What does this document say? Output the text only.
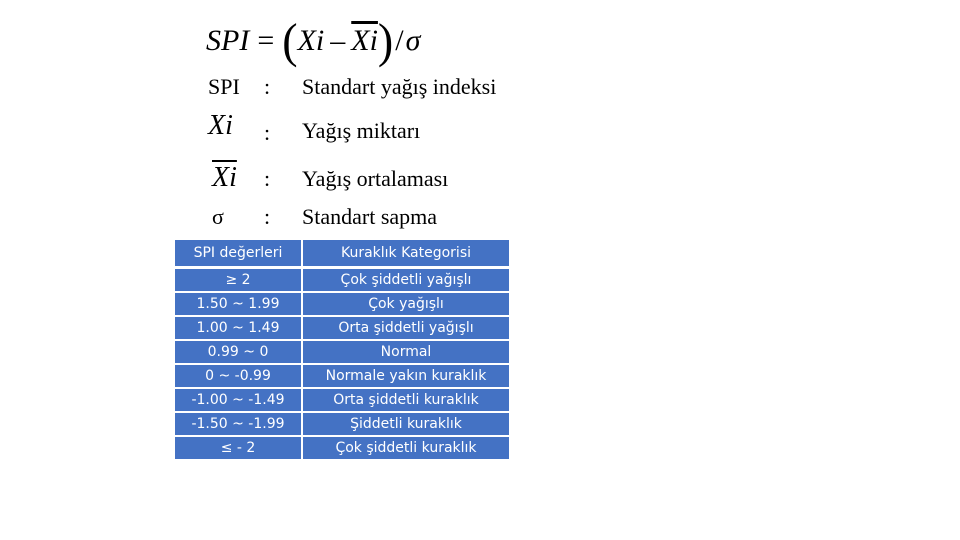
SPI = ( Xi – $\overline{Xi}$ ) / σ
SPI : Standart yağış indeksi
Xi : Yağış miktarı
$\overline{Xi}$ : Yağış ortalaması
σ : Standart sapma
SPI değerleri	Kuraklık Kategorisi
≥ 2	Çok şiddetli yağışlı
1.50 ~ 1.99	Çok yağışlı
1.00 ~ 1.49	Orta şiddetli yağışlı
0.99 ~ 0	Normal
0 ~ -0.99	Normale yakın kuraklık
-1.00 ~ -1.49	Orta şiddetli kuraklık
-1.50 ~ -1.99	Şiddetli kuraklık
≤ - 2	Çok şiddetli kuraklık
